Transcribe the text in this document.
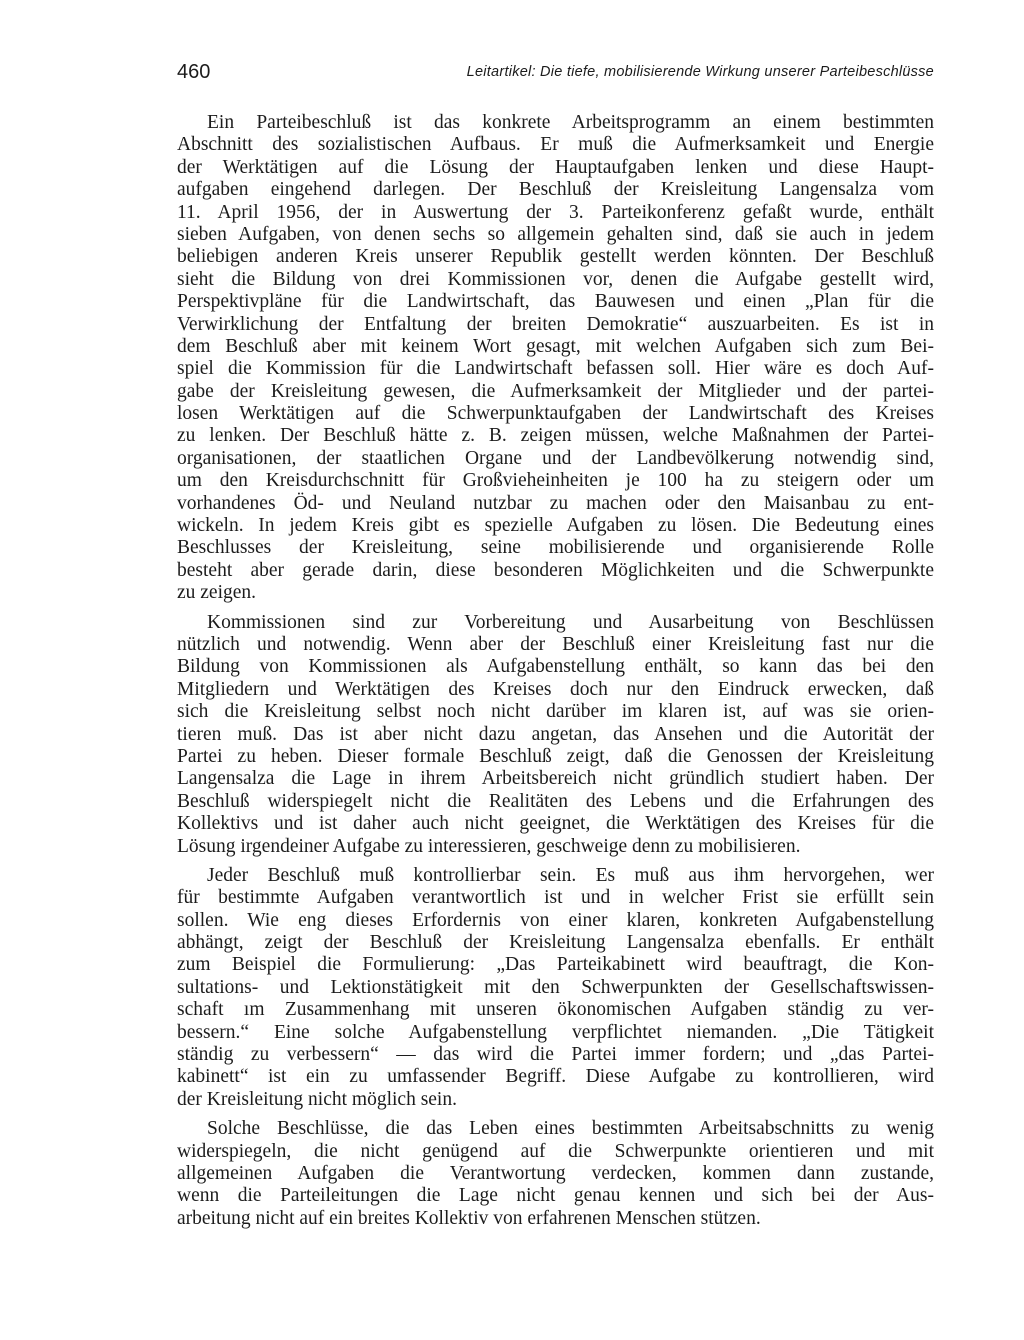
460	Leitartikel: Die tiefe, mobilisierende Wirkung unserer Parteibeschlüsse
Ein Parteibeschluß ist das konkrete Arbeitsprogramm an einem bestimmten
Abschnitt des sozialistischen Aufbaus. Er muß die Aufmerksamkeit und Energie
der Werktätigen auf die Lösung der Hauptaufgaben lenken und diese Haupt-
aufgaben eingehend darlegen. Der Beschluß der Kreisleitung Langensalza vom
11. April 1956, der in Auswertung der 3. Parteikonferenz gefaßt wurde, enthält
sieben Aufgaben, von denen sechs so allgemein gehalten sind, daß sie auch in jedem
beliebigen anderen Kreis unserer Republik gestellt werden könnten. Der Beschluß
sieht die Bildung von drei Kommissionen vor, denen die Aufgabe gestellt wird,
Perspektivpläne für die Landwirtschaft, das Bauwesen und einen „Plan für die
Verwirklichung der Entfaltung der breiten Demokratie“ auszuarbeiten. Es ist in
dem Beschluß aber mit keinem Wort gesagt, mit welchen Aufgaben sich zum Bei-
spiel die Kommission für die Landwirtschaft befassen soll. Hier wäre es doch Auf-
gabe der Kreisleitung gewesen, die Aufmerksamkeit der Mitglieder und der partei-
losen Werktätigen auf die Schwerpunktaufgaben der Landwirtschaft des Kreises
zu lenken. Der Beschluß hätte z. B. zeigen müssen, welche Maßnahmen der Partei-
organisationen, der staatlichen Organe und der Landbevölkerung notwendig sind,
um den Kreisdurchschnitt für Großvieheinheiten je 100 ha zu steigern oder um
vorhandenes Öd- und Neuland nutzbar zu machen oder den Maisanbau zu ent-
wickeln. In jedem Kreis gibt es spezielle Aufgaben zu lösen. Die Bedeutung eines
Beschlusses der Kreisleitung, seine mobilisierende und organisierende Rolle
besteht aber gerade darin, diese besonderen Möglichkeiten und die Schwerpunkte
zu zeigen.
Kommissionen sind zur Vorbereitung und Ausarbeitung von Beschlüssen
nützlich und notwendig. Wenn aber der Beschluß einer Kreisleitung fast nur die
Bildung von Kommissionen als Aufgabenstellung enthält, so kann das bei den
Mitgliedern und Werktätigen des Kreises doch nur den Eindruck erwecken, daß
sich die Kreisleitung selbst noch nicht darüber im klaren ist, auf was sie orien-
tieren muß. Das ist aber nicht dazu angetan, das Ansehen und die Autorität der
Partei zu heben. Dieser formale Beschluß zeigt, daß die Genossen der Kreisleitung
Langensalza die Lage in ihrem Arbeitsbereich nicht gründlich studiert haben. Der
Beschluß widerspiegelt nicht die Realitäten des Lebens und die Erfahrungen des
Kollektivs und ist daher auch nicht geeignet, die Werktätigen des Kreises für die
Lösung irgendeiner Aufgabe zu interessieren, geschweige denn zu mobilisieren.
Jeder Beschluß muß kontrollierbar sein. Es muß aus ihm hervorgehen, wer
für bestimmte Aufgaben verantwortlich ist und in welcher Frist sie erfüllt sein
sollen. Wie eng dieses Erfordernis von einer klaren, konkreten Aufgabenstellung
abhängt, zeigt der Beschluß der Kreisleitung Langensalza ebenfalls. Er enthält
zum Beispiel die Formulierung: „Das Parteikabinett wird beauftragt, die Kon-
sultations- und Lektionstätigkeit mit den Schwerpunkten der Gesellschaftswissen-
schaft ım Zusammenhang mit unseren ökonomischen Aufgaben ständig zu ver-
bessern.“ Eine solche Aufgabenstellung verpflichtet niemanden. „Die Tätigkeit
ständig zu verbessern“ — das wird die Partei immer fordern; und „das Partei-
kabinett“ ist ein zu umfassender Begriff. Diese Aufgabe zu kontrollieren, wird
der Kreisleitung nicht möglich sein.
Solche Beschlüsse, die das Leben eines bestimmten Arbeitsabschnitts zu wenig
widerspiegeln, die nicht genügend auf die Schwerpunkte orientieren und mit
allgemeinen Aufgaben die Verantwortung verdecken, kommen dann zustande,
wenn die Parteileitungen die Lage nicht genau kennen und sich bei der Aus-
arbeitung nicht auf ein breites Kollektiv von erfahrenen Menschen stützen.
